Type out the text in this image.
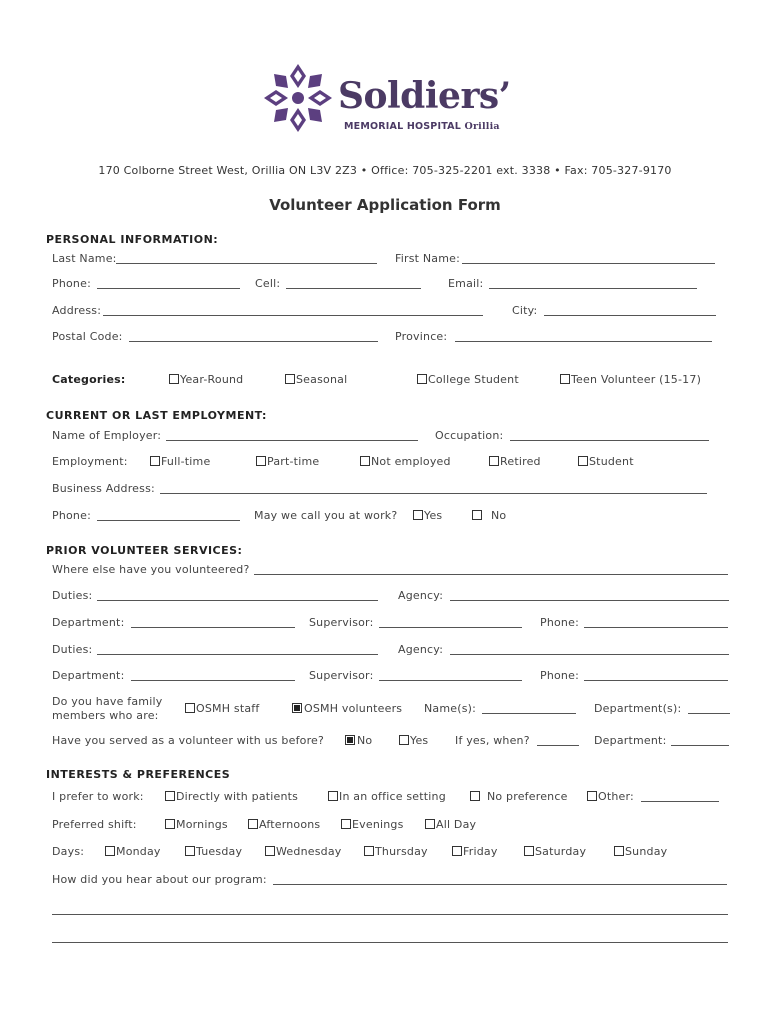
Soldiers’
MEMORIAL HOSPITAL Orillia
170 Colborne Street West, Orillia ON L3V 2Z3 • Office: 705-325-2201 ext. 3338 • Fax: 705-327-9170
Volunteer Application Form
PERSONAL INFORMATION:
Last Name:	First Name:
Phone:	Cell:	Email:
Address:	City:
Postal Code:	Province:
Categories:	Year-Round	Seasonal	College Student	Teen Volunteer (15-17)
CURRENT OR LAST EMPLOYMENT:
Name of Employer:	Occupation:
Employment:	Full-time	Part-time	Not employed	Retired	Student
Business Address:
Phone:	May we call you at work? Yes	No
PRIOR VOLUNTEER SERVICES:
Where else have you volunteered?
Duties:	Agency:
Department:	Supervisor:	Phone:
Duties:	Agency:
Department:	Supervisor:	Phone:
Do you have family
members who are:
OSMH staff	OSMH volunteers Name(s):	Department(s):
Have you served as a volunteer with us before?	No	Yes If yes, when?	Department:
INTERESTS & PREFERENCES
I prefer to work:	Directly with patients	In an office setting	No preference	Other:
Preferred shift:	Mornings	Afternoons	Evenings	All Day
Days:	Monday	Tuesday	Wednesday	Thursday	Friday	Saturday	Sunday
How did you hear about our program:
